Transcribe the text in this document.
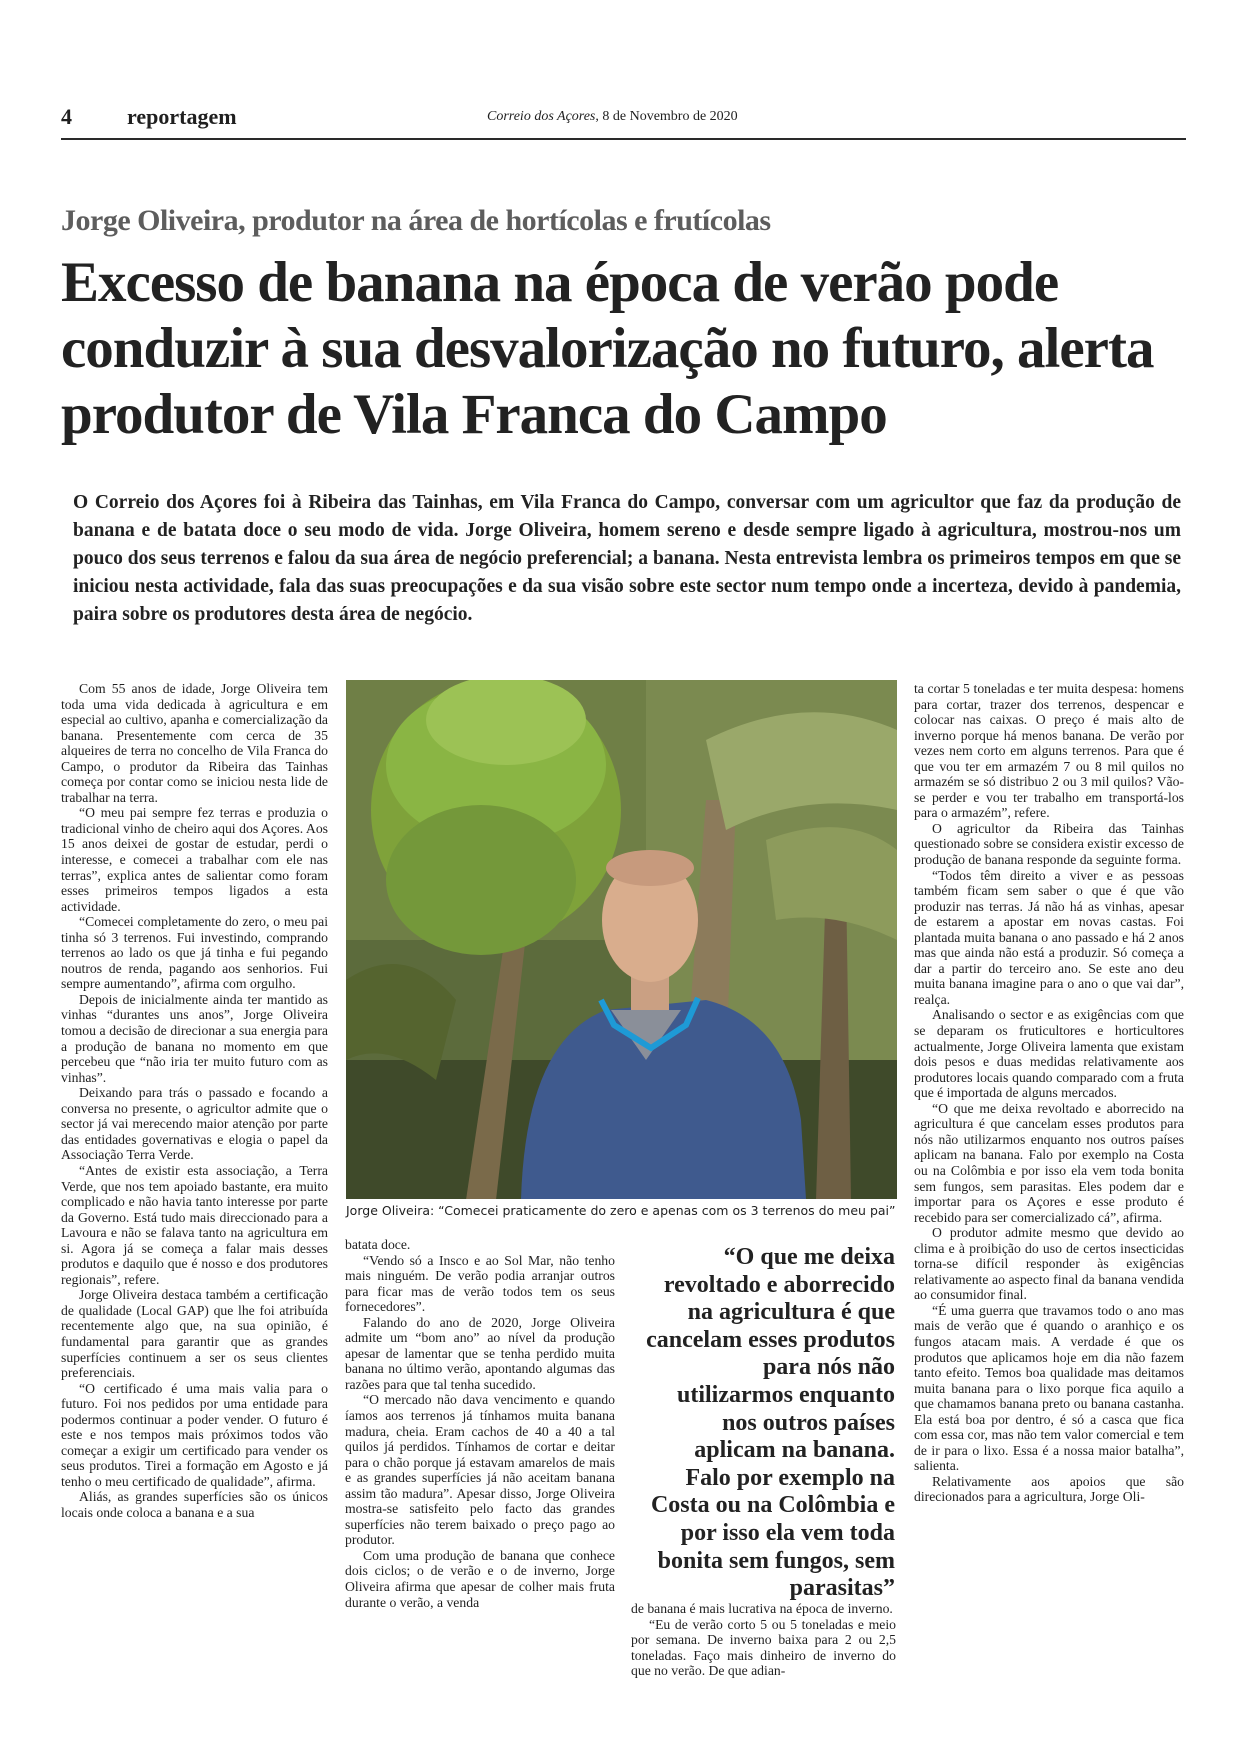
4	reportagem	Correio dos Açores, 8 de Novembro de 2020
Jorge Oliveira, produtor na área de hortícolas e frutícolas
Excesso de banana na época de verão pode conduzir à sua desvalorização no futuro, alerta produtor de Vila Franca do Campo

O Correio dos Açores foi à Ribeira das Tainhas, em Vila Franca do Campo, conversar com um agricultor que faz da produção de banana e de batata doce o seu modo de vida. Jorge Oliveira, homem sereno e desde sempre ligado à agricultura, mostrou-nos um pouco dos seus terrenos e falou da sua área de negócio preferencial; a banana. Nesta entrevista lembra os primeiros tempos em que se iniciou nesta actividade, fala das suas preocupações e da sua visão sobre este sector num tempo onde a incerteza, devido à pandemia, paira sobre os produtores desta área de negócio.

Com 55 anos de idade, Jorge Oliveira tem toda uma vida dedicada à agricultura e em especial ao cultivo, apanha e comercialização da banana. Presentemente com cerca de 35 alqueires de terra no concelho de Vila Franca do Campo, o produtor da Ribeira das Tainhas começa por contar como se iniciou nesta lide de trabalhar na terra.

“O meu pai sempre fez terras e produzia o tradicional vinho de cheiro aqui dos Açores. Aos 15 anos deixei de gostar de estudar, perdi o interesse, e comecei a trabalhar com ele nas terras”, explica antes de salientar como foram esses primeiros tempos ligados a esta actividade.

“Comecei completamente do zero, o meu pai tinha só 3 terrenos. Fui investindo, comprando terrenos ao lado os que já tinha e fui pegando noutros de renda, pagando aos senhorios. Fui sempre aumentando”, afirma com orgulho.

Depois de inicialmente ainda ter mantido as vinhas “durantes uns anos”, Jorge Oliveira tomou a decisão de direcionar a sua energia para a produção de banana no momento em que percebeu que “não iria ter muito futuro com as vinhas”.

Deixando para trás o passado e focando a conversa no presente, o agricultor admite que o sector já vai merecendo maior atenção por parte das entidades governativas e elogia o papel da Associação Terra Verde.

“Antes de existir esta associação, a Terra Verde, que nos tem apoiado bastante, era muito complicado e não havia tanto interesse por parte da Governo. Está tudo mais direccionado para a Lavoura e não se falava tanto na agricultura em si. Agora já se começa a falar mais desses produtos e daquilo que é nosso e dos produtores regionais”, refere.

Jorge Oliveira destaca também a certificação de qualidade (Local GAP) que lhe foi atribuída recentemente algo que, na sua opinião, é fundamental para garantir que as grandes superfícies continuem a ser os seus clientes preferenciais.

“O certificado é uma mais valia para o futuro. Foi nos pedidos por uma entidade para podermos continuar a poder vender. O futuro é este e nos tempos mais próximos todos vão começar a exigir um certificado para vender os seus produtos. Tirei a formação em Agosto e já tenho o meu certificado de qualidade”, afirma.

Aliás, as grandes superfícies são os únicos locais onde coloca a banana e a sua

Jorge Oliveira: “Comecei praticamente do zero e apenas com os 3 terrenos do meu pai”

batata doce.

“Vendo só a Insco e ao Sol Mar, não tenho mais ninguém. De verão podia arranjar outros para ficar mas de verão todos tem os seus fornecedores”.

Falando do ano de 2020, Jorge Oliveira admite um “bom ano” ao nível da produção apesar de lamentar que se tenha perdido muita banana no último verão, apontando algumas das razões para que tal tenha sucedido.

“O mercado não dava vencimento e quando íamos aos terrenos já tínhamos muita banana madura, cheia. Eram cachos de 40 a 40 a tal quilos já perdidos. Tínhamos de cortar e deitar para o chão porque já estavam amarelos de mais e as grandes superfícies já não aceitam banana assim tão madura”. Apesar disso, Jorge Oliveira mostra-se satisfeito pelo facto das grandes superfícies não terem baixado o preço pago ao produtor.

Com uma produção de banana que conhece dois ciclos; o de verão e o de inverno, Jorge Oliveira afirma que apesar de colher mais fruta durante o verão, a venda

“O que me deixa revoltado e aborrecido na agricultura é que cancelam esses produtos para nós não utilizarmos enquanto nos outros países aplicam na banana. Falo por exemplo na Costa ou na Colômbia e por isso ela vem toda bonita sem fungos, sem parasitas”

de banana é mais lucrativa na época de inverno.

“Eu de verão corto 5 ou 5 toneladas e meio por semana. De inverno baixa para 2 ou 2,5 toneladas. Faço mais dinheiro de inverno do que no verão. De que adian-

ta cortar 5 toneladas e ter muita despesa: homens para cortar, trazer dos terrenos, despencar e colocar nas caixas. O preço é mais alto de inverno porque há menos banana. De verão por vezes nem corto em alguns terrenos. Para que é que vou ter em armazém 7 ou 8 mil quilos no armazém se só distribuo 2 ou 3 mil quilos? Vão-se perder e vou ter trabalho em transportá-los para o armazém”, refere.

O agricultor da Ribeira das Tainhas questionado sobre se considera existir excesso de produção de banana responde da seguinte forma.

“Todos têm direito a viver e as pessoas também ficam sem saber o que é que vão produzir nas terras. Já não há as vinhas, apesar de estarem a apostar em novas castas. Foi plantada muita banana o ano passado e há 2 anos mas que ainda não está a produzir. Só começa a dar a partir do terceiro ano. Se este ano deu muita banana imagine para o ano o que vai dar”, realça.

Analisando o sector e as exigências com que se deparam os fruticultores e horticultores actualmente, Jorge Oliveira lamenta que existam dois pesos e duas medidas relativamente aos produtores locais quando comparado com a fruta que é importada de alguns mercados.

“O que me deixa revoltado e aborrecido na agricultura é que cancelam esses produtos para nós não utilizarmos enquanto nos outros países aplicam na banana. Falo por exemplo na Costa ou na Colômbia e por isso ela vem toda bonita sem fungos, sem parasitas. Eles podem dar e importar para os Açores e esse produto é recebido para ser comercializado cá”, afirma.

O produtor admite mesmo que devido ao clima e à proibição do uso de certos insecticidas torna-se difícil responder às exigências relativamente ao aspecto final da banana vendida ao consumidor final.

“É uma guerra que travamos todo o ano mas mais de verão que é quando o aranhiço e os fungos atacam mais. A verdade é que os produtos que aplicamos hoje em dia não fazem tanto efeito. Temos boa qualidade mas deitamos muita banana para o lixo porque fica aquilo a que chamamos banana preto ou banana castanha. Ela está boa por dentro, é só a casca que fica com essa cor, mas não tem valor comercial e tem de ir para o lixo. Essa é a nossa maior batalha”, salienta.

Relativamente aos apoios que são direcionados para a agricultura, Jorge Oli-
